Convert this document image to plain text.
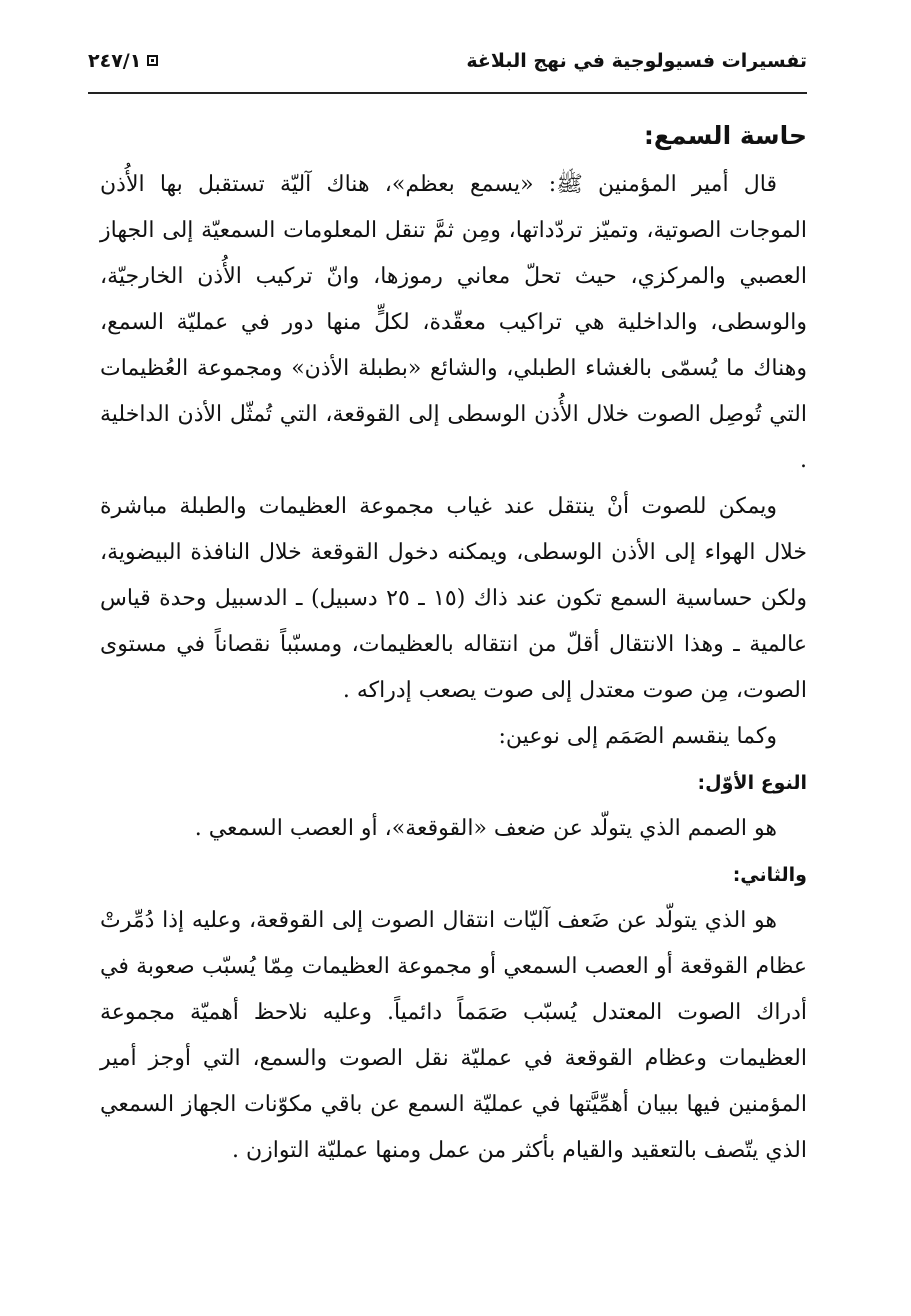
تفسيرات فسيولوجية في نهج البلاغة
٢٤٧/١
حاسة السمع:

قال أمير المؤمنين ﷺ: «يسمع بعظم»، هناك آليّة تستقبل بها الأُذن الموجات الصوتية، وتميّز تردّداتها، ومِن ثمَّ تنقل المعلومات السمعيّة إلى الجهاز العصبي والمركزي، حيث تحلّ معاني رموزها، وانّ تركيب الأُذن الخارجيّة، والوسطى، والداخلية هي تراكيب معقّدة، لكلٍّ منها دور في عمليّة السمع، وهناك ما يُسمّى بالغشاء الطبلي، والشائع «بطبلة الأذن» ومجموعة العُظيمات التي تُوصِل الصوت خلال الأُذن الوسطى إلى القوقعة، التي تُمثّل الأذن الداخلية .

ويمكن للصوت أنْ ينتقل عند غياب مجموعة العظيمات والطبلة مباشرة خلال الهواء إلى الأذن الوسطى، ويمكنه دخول القوقعة خلال النافذة البيضوية، ولكن حساسية السمع تكون عند ذاك (١٥ ـ ٢٥ دسبيل) ـ الدسبيل وحدة قياس عالمية ـ وهذا الانتقال أقلّ من انتقاله بالعظيمات، ومسبّباً نقصاناً في مستوى الصوت، مِن صوت معتدل إلى صوت يصعب إدراكه .

وكما ينقسم الصَمَم إلى نوعين:

النوع الأوّل:

هو الصمم الذي يتولّد عن ضعف «القوقعة»، أو العصب السمعي .

والثاني:

هو الذي يتولّد عن ضَعف آليّات انتقال الصوت إلى القوقعة، وعليه إذا دُمِّرتْ عظام القوقعة أو العصب السمعي أو مجموعة العظيمات مِمّا يُسبّب صعوبة في أدراك الصوت المعتدل يُسبّب صَمَماً دائمياً. وعليه نلاحظ أهميّة مجموعة العظيمات وعظام القوقعة في عمليّة نقل الصوت والسمع، التي أوجز أمير المؤمنين فيها ببيان أهمِّيَّتها في عمليّة السمع عن باقي مكوّنات الجهاز السمعي الذي يتّصف بالتعقيد والقيام بأكثر من عمل ومنها عمليّة التوازن .
